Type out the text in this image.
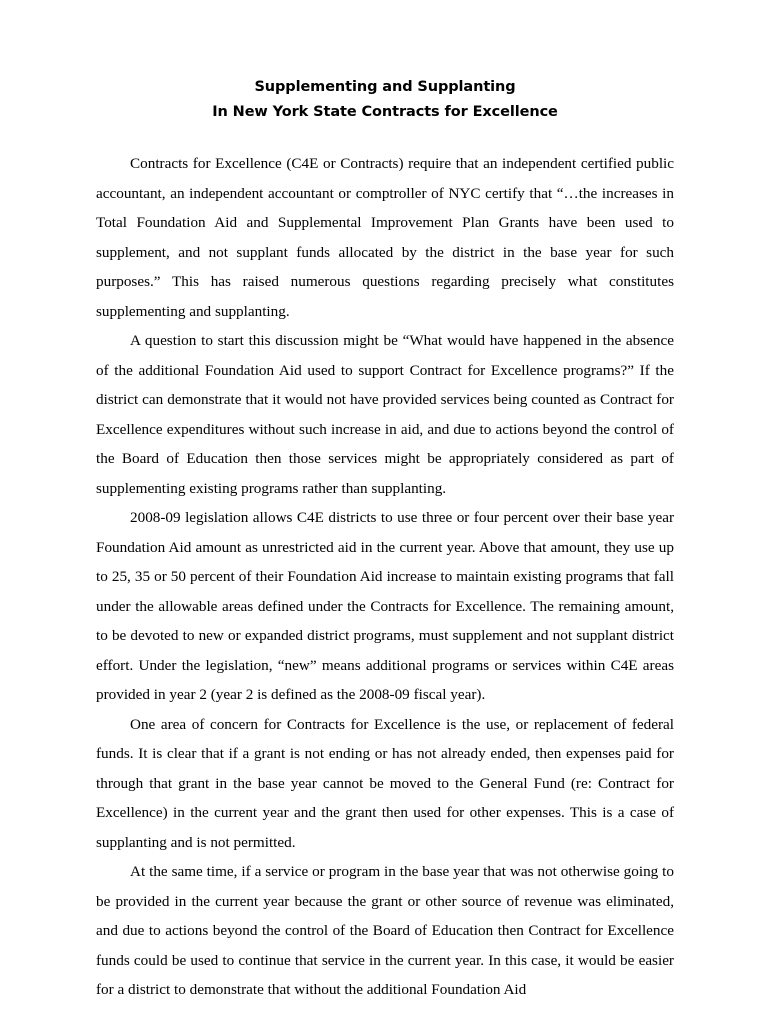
Supplementing and Supplanting
In New York State Contracts for Excellence

Contracts for Excellence (C4E or Contracts) require that an independent certified public accountant, an independent accountant or comptroller of NYC certify that “…the increases in Total Foundation Aid and Supplemental Improvement Plan Grants have been used to supplement, and not supplant funds allocated by the district in the base year for such purposes.” This has raised numerous questions regarding precisely what constitutes supplementing and supplanting.

A question to start this discussion might be “What would have happened in the absence of the additional Foundation Aid used to support Contract for Excellence programs?” If the district can demonstrate that it would not have provided services being counted as Contract for Excellence expenditures without such increase in aid, and due to actions beyond the control of the Board of Education then those services might be appropriately considered as part of supplementing existing programs rather than supplanting.

2008-09 legislation allows C4E districts to use three or four percent over their base year Foundation Aid amount as unrestricted aid in the current year. Above that amount, they use up to 25, 35 or 50 percent of their Foundation Aid increase to maintain existing programs that fall under the allowable areas defined under the Contracts for Excellence. The remaining amount, to be devoted to new or expanded district programs, must supplement and not supplant district effort. Under the legislation, “new” means additional programs or services within C4E areas provided in year 2 (year 2 is defined as the 2008-09 fiscal year).

One area of concern for Contracts for Excellence is the use, or replacement of federal funds. It is clear that if a grant is not ending or has not already ended, then expenses paid for through that grant in the base year cannot be moved to the General Fund (re: Contract for Excellence) in the current year and the grant then used for other expenses. This is a case of supplanting and is not permitted.

At the same time, if a service or program in the base year that was not otherwise going to be provided in the current year because the grant or other source of revenue was eliminated, and due to actions beyond the control of the Board of Education then Contract for Excellence funds could be used to continue that service in the current year. In this case, it would be easier for a district to demonstrate that without the additional Foundation Aid
